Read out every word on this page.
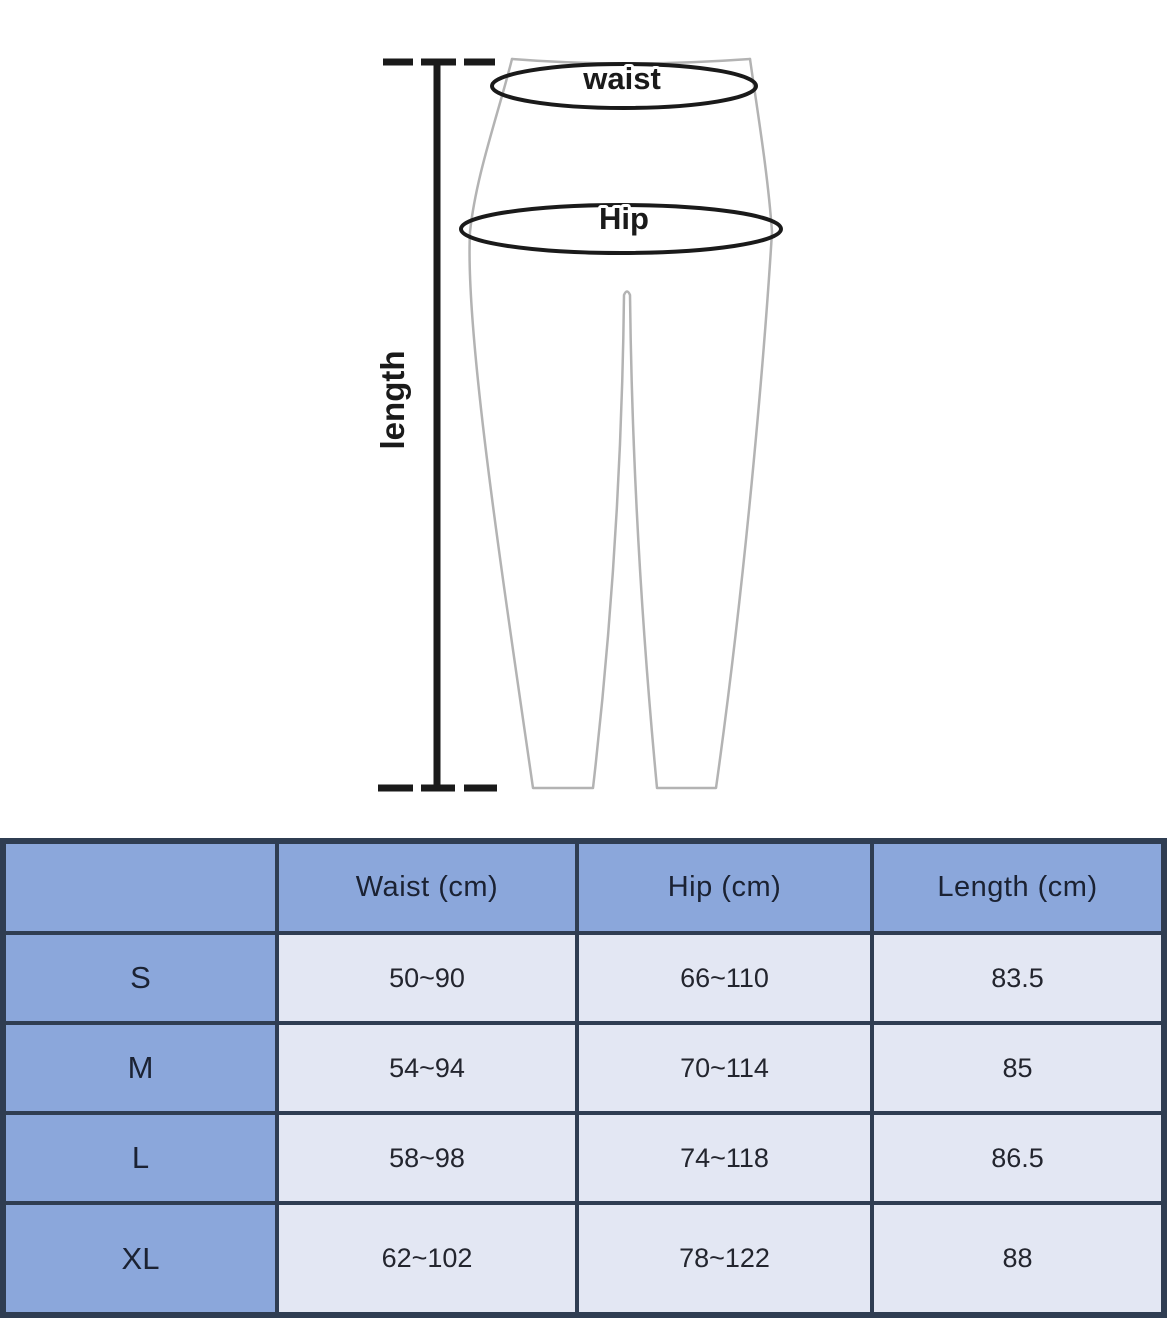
waist
Hip
length
	Waist (cm)	Hip (cm)	Length (cm)
S	50~90	66~110	83.5
M	54~94	70~114	85
L	58~98	74~118	86.5
XL	62~102	78~122	88
